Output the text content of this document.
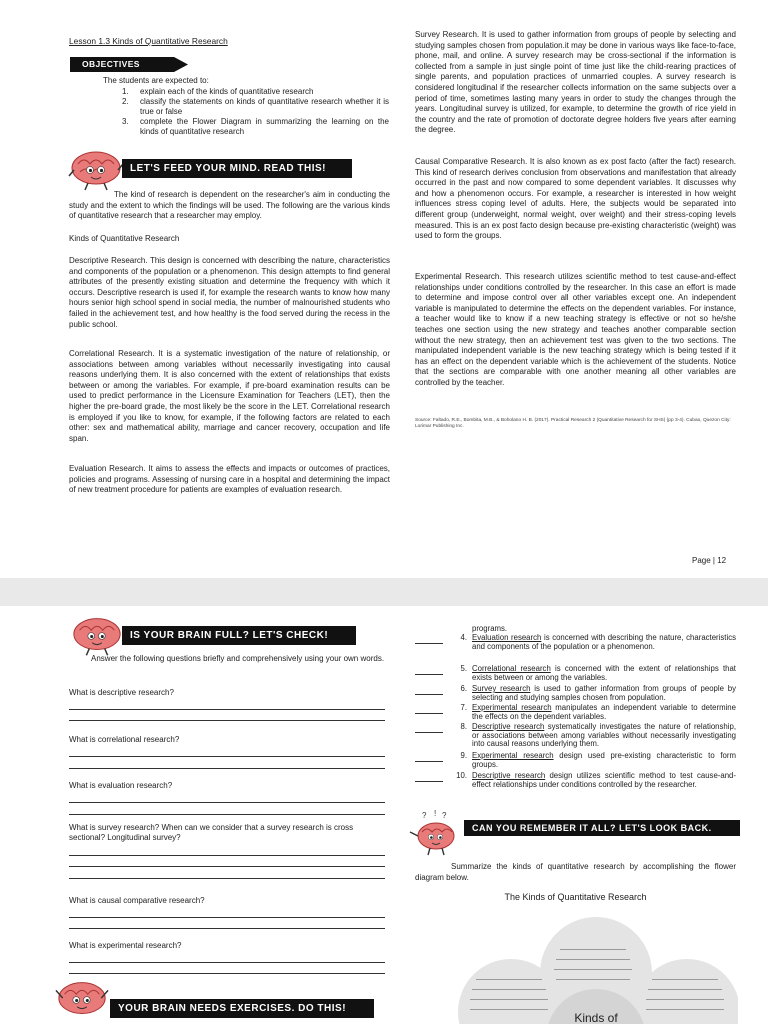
Lesson 1.3 Kinds of Quantitative Research
OBJECTIVES
The students are expected to:
1. explain each of the kinds of quantitative research
2. classify the statements on kinds of quantitative research whether it is true or false
3. complete the Flower Diagram in summarizing the learning on the kinds of quantitative research
LET'S FEED YOUR MIND. READ THIS!

The kind of research is dependent on the researcher's aim in conducting the study and the extent to which the findings will be used. The following are the various kinds of quantitative research that a researcher may employ.

Kinds of Quantitative Research

Descriptive Research. This design is concerned with describing the nature, characteristics and components of the population or a phenomenon. This design attempts to find general attributes of the presently existing situation and determine the frequency with which it occurs. Descriptive research is used if, for example the research wants to know how many hours senior high school spend in social media, the number of malnourished students who failed in the achievement test, and how healthy is the food served during the recess in the public school.

Correlational Research. It is a systematic investigation of the nature of relationship, or associations between among variables without necessarily investigating into causal reasons underlying them. It is also concerned with the extent of relationships that exists between or among the variables. For example, if pre-board examination results can be used to predict performance in the Licensure Examination for Teachers (LET), then the higher the pre-board grade, the most likely be the score in the LET. Correlational research is employed if you like to know, for example, if the following factors are related to each other: sex and mathematical ability, marriage and cancer recovery, occupation and life span.

Evaluation Research. It aims to assess the effects and impacts or outcomes of practices, policies and programs. Assessing of nursing care in a hospital and determining the impact of new treatment procedure for patients are examples of evaluation research.

Survey Research. It is used to gather information from groups of people by selecting and studying samples chosen from population.it may be done in various ways like face-to-face, phone, mail, and online. A survey research may be cross-sectional if the information is collected from a sample in just single point of time just like the child-rearing practices of single parents, and population practices of unmarried couples. A survey research is considered longitudinal if the researcher collects information on the same subjects over a period of time, sometimes lasting many years in order to study the changes through the years. Longitudinal survey is utilized, for example, to determine the growth of rice yield in the country and the rate of promotion of doctorate degree holders five years after earning the degree.

Causal Comparative Research. It is also known as ex post facto (after the fact) research. This kind of research derives conclusion from observations and manifestation that already occurred in the past and now compared to some dependent variables. It discusses why and how a phenomenon occurs. For example, a researcher is interested in how weight influences stress coping level of adults. Here, the subjects would be separated into different group (underweight, normal weight, over weight) and their stress-coping levels measured. This is an ex post facto design because pre-existing characteristic (weight) was used to form the groups.

Experimental Research. This research utilizes scientific method to test cause-and-effect relationships under conditions controlled by the researcher. In this case an effort is made to determine and impose control over all other variables except one. An independent variable is manipulated to determine the effects on the dependent variables. For instance, a teacher would like to know if a new teaching strategy is effective or not so he/she teaches one section using the new strategy and teaches another comparable section without the new strategy, then an achievement test was given to the two sections. The manipulated independent variable is the new teaching strategy which is being tested if it has an effect on the dependent variable which is the achievement of the students. Notice that the sections are comparable with one another meaning all other variables are controlled by the teacher.

Source: Faltado, R.E., Bombita, M.B., & Boholano H. B. (2017). Practical Research 2 (Quantitative Research for SHS) (pp 3-4). Cubao, Quezon City: Lorimar Publishing Inc.

Page | 12
IS YOUR BRAIN FULL? LET'S CHECK!

Answer the following questions briefly and comprehensively using your own words.

What is descriptive research?
What is correlational research?
What is evaluation research?
What is survey research? When can we consider that a survey research is cross sectional? Longitudinal survey?
What is causal comparative research?
What is experimental research?
YOUR BRAIN NEEDS EXERCISES. DO THIS!
programs.
4. Evaluation research is concerned with describing the nature, characteristics and components of the population or a phenomenon.
5. Correlational research is concerned with the extent of relationships that exists between or among the variables.
6. Survey research is used to gather information from groups of people by selecting and studying samples chosen from population.
7. Experimental research manipulates an independent variable to determine the effects on the dependent variables.
8. Descriptive research systematically investigates the nature of relationship, or associations between among variables without necessarily investigating into causal reasons underlying them.
9. Experimental research design used pre-existing characteristic to form groups.
10. Descriptive research design utilizes scientific method to test cause-and-effect relationships under conditions controlled by the researcher.
? ! ?
CAN YOU REMEMBER IT ALL? LET'S LOOK BACK.

Summarize the kinds of quantitative research by accomplishing the flower diagram below.

The Kinds of Quantitative Research
Kinds of
